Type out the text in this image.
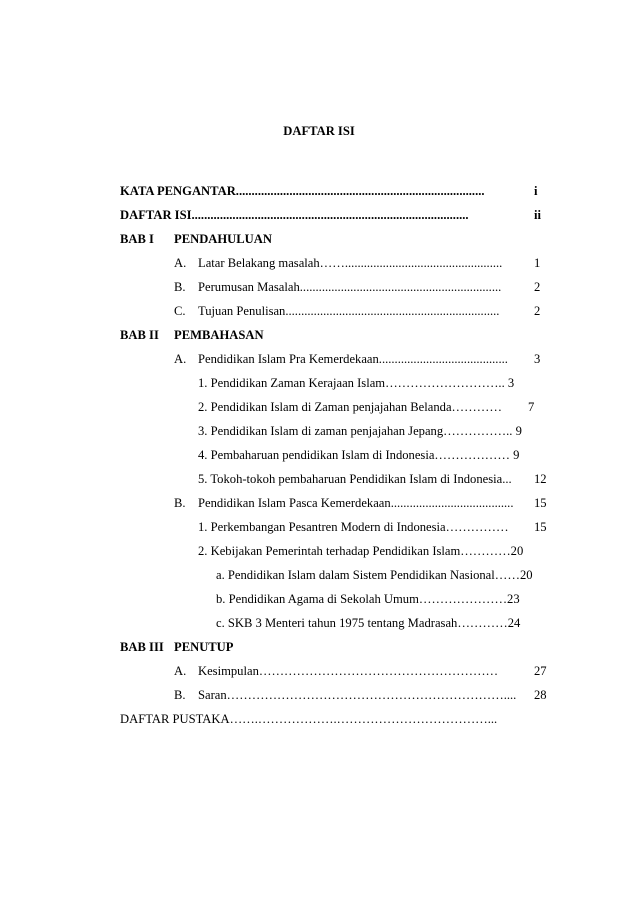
DAFTAR ISI
KATA PENGANTAR...............................................................................	i
DAFTAR ISI........................................................................................	ii
BAB I PENDAHULUAN
A. Latar Belakang masalah……..................................................	1
B. Perumusan Masalah................................................................	2
C. Tujuan Penulisan....................................................................	2
BAB II PEMBAHASAN
A. Pendidikan Islam Pra Kemerdekaan......................................... 3
1. Pendidikan Zaman Kerajaan Islam……………………….. 3
2. Pendidikan Islam di Zaman penjajahan Belanda………… 7
3. Pendidikan Islam di zaman penjajahan Jepang…………….. 9
4. Pembaharuan pendidikan Islam di Indonesia……………… 9
5. Tokoh-tokoh pembaharuan Pendidikan Islam di Indonesia... 12
B. Pendidikan Islam Pasca Kemerdekaan....................................... 15
1. Perkembangan Pesantren Modern di Indonesia…………… 15
2. Kebijakan Pemerintah terhadap Pendidikan Islam…………20
a. Pendidikan Islam dalam Sistem Pendidikan Nasional……20
b. Pendidikan Agama di Sekolah Umum…………………23
c. SKB 3 Menteri tahun 1975 tentang Madrasah…………24
BAB III PENUTUP
A. Kesimpulan…………………………………………………	27
B. Saran………………………………………………………….... 28
DAFTAR PUSTAKA…….……………….………………………………...
